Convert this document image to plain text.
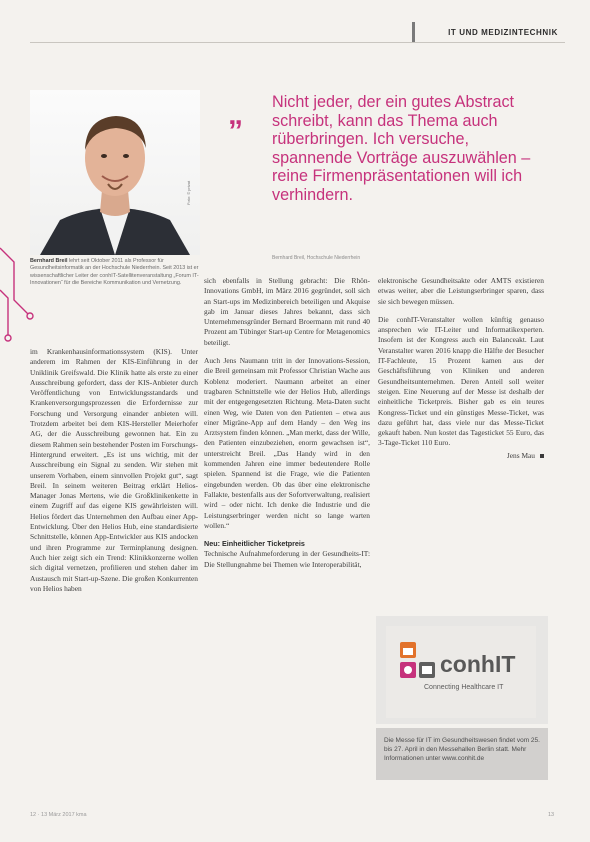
IT UND MEDIZINTECHNIK
Foto: © privat
Bernhard Breil lehrt seit Oktober 2011 als Professor für Gesundheitsinformatik an der Hochschule Niederrhein. Seit 2013 ist er wissenschaftlicher Leiter der conhIT-Satellitenveranstaltung „Forum IT-Innovationen“ für die Bereiche Kommunikation und Vernetzung.
„ Nicht jeder, der ein gutes Abstract schreibt, kann das Thema auch rüberbringen. Ich versuche, spannende Vorträge auszuwählen – reine Firmenpräsentationen will ich verhindern.
Bernhard Breil, Hochschule Niederrhein

im Krankenhausinformationssystem (KIS). Unter anderem im Rahmen der KIS-Einführung in der Uniklinik Greifswald. Die Klinik hatte als erste zu einer Ausschreibung gefordert, dass der KIS-Anbieter durch Veröffentlichung von Entwicklungsstandards und Krankenversorgungsprozessen die Erfordernisse zur Forschung und Versorgung einander anbieten will. Trotzdem arbeitet bei dem KIS-Hersteller Meierhofer AG, der die Ausschreibung gewonnen hat. Ein zu diesem Rahmen sein bestehender Posten im Forschungs-Hintergrund erweitert. „Es ist uns wichtig, mit der Ausschreibung ein Signal zu senden. Wir stehen mit unserem Vorhaben, einem sinnvollen Projekt gut“, sagt Breil. In seinem weiteren Beitrag erklärt Helios-Manager Jonas Mertens, wie die Großklinikenkette in einem Zugriff auf das eigene KIS gewährleisten will. Helios fördert das Unternehmen den Aufbau einer App-Entwicklung. Über den Helios Hub, eine standardisierte Schnittstelle, können App-Entwickler aus KIS andocken und ihren Programme zur Terminplanung designen. Auch hier zeigt sich ein Trend: Klinikkonzerne wollen sich digital vernetzen, profilieren und stehen daher im Austausch mit Start-up-Szene. Die großen Konkurrenten von Helios haben

sich ebenfalls in Stellung gebracht: Die Rhön-Innovations GmbH, im März 2016 gegründet, soll sich an Start-ups im Medizinbereich beteiligen und Akquise gab im Januar dieses Jahres bekannt, dass sich Unternehmensgründer Bernard Broermann mit rund 40 Prozent am Tübinger Start-up Centre for Metagenomics beteiligt.

Auch Jens Naumann tritt in der Innovations-Session, die Breil gemeinsam mit Professor Christian Wache aus Koblenz moderiert. Naumann arbeitet an einer tragbaren Schnittstelle wie der Helios Hub, allerdings mit der entgegengesetzten Richtung. Meta-Daten sucht einen Weg, wie Daten von den Patienten – etwa aus einer Migräne-App auf dem Handy – den Weg ins Arztsystem finden können. „Man merkt, dass der Wille, den Patienten einzubeziehen, enorm gewachsen ist“, unterstreicht Breil. „Das Handy wird in den kommenden Jahren eine immer bedeutendere Rolle spielen. Spannend ist die Frage, wie die Patienten eingebunden werden. Ob das über eine elektronische Fallakte, bestenfalls aus der Sofortverwaltung, realisiert wird – oder nicht. Ich denke die Industrie und die Leistungserbringer werden nicht so lange warten wollen.“

Neu: Einheitlicher Ticketpreis

Technische Aufnahmeforderung in der Gesundheits-IT: Die Stellungnahme bei Themen wie Interoperabilität,

elektronische Gesundheitsakte oder AMTS existieren etwas weiter, aber die Leistungserbringer sparen, dass sie sich bewegen müssen.

Die conhIT-Veranstalter wollen künftig genauso ansprechen wie IT-Leiter und Informatikexperten. Insofern ist der Kongress auch ein Balanceakt. Laut Veranstalter waren 2016 knapp die Hälfte der Besucher IT-Fachleute, 15 Prozent kamen aus der Geschäftsführung von Kliniken und anderen Gesundheitsunternehmen. Deren Anteil soll weiter steigen. Eine Neuerung auf der Messe ist deshalb der einheitliche Ticketpreis. Bisher gab es ein teures Kongress-Ticket und ein günstiges Messe-Ticket, was dazu geführt hat, dass viele nur das Messe-Ticket gekauft haben. Nun kostet das Tagesticket 55 Euro, das 3-Tage-Ticket 110 Euro.

Jens Mau
conhIT
Connecting Healthcare IT
Die Messe für IT im Gesundheitswesen findet vom 25. bis 27. April in den Messehallen Berlin statt. Mehr Informationen unter www.conhit.de
12 · 13 März 2017 kma	13
